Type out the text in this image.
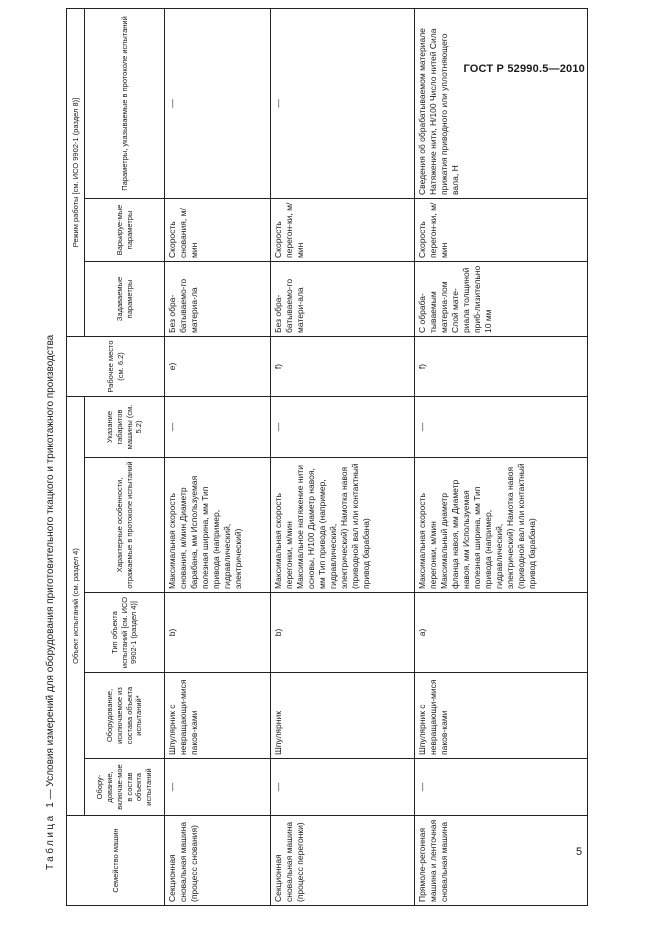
ГОСТ Р 52990.5—2010
Таблица  1 — Условия измерений для оборудования приготовительного ткацкого и трикотажного производства
Семейство машин	Объект испытаний (см. раздел 4)					Рабочее место (см. 6.2)	Режим работы [см. ИСО 9902-1 (раздел 8)]		
	Обору-дование, включае-мое в состав объекта испытаний	Оборудование, исключаемое из состава объекта испытаний*	Тип объекта испытаний [см. ИСО 9902-1 (раздел 4)]	Характерные особенности, отражаемые в протоколе испытаний	Указание габаритов машины (см. 5.2)		Задаваемые параметры	Варьируе-мые параметры	Параметры, указываемые в протоколе испытаний
Секционная сновальная машина (процесс снования)	—	Шпулярник с невращающи-мися паков-ками	b)	Максимальная скорость снования, м/мин Диаметр барабана, мм Используемая полезная ширина, мм Тип привода (например, гидравлический, электрический)	—	e)	Без обра-батываемо-го материа-ла	Скорость снования, м/мин	—
Секционная сновальная машина (процесс перегонки)	—	Шпулярник	b)	Максимальная скорость перегонки, м/мин Максимальное натяжение нити основы, Н/100 Диаметр навоя, мм Тип привода (например, гидравлический, электрический) Намотка навоя (приводной вал или контактный привод барабана)	—	f)	Без обра-батываемо-го матери-ала	Скорость перегон-ки, м/мин	—
Прямоле-регонная машина и ленточная сновальная машина	—	Шпулярник с невращающи-мися паков-ками	a)	Максимальная скорость перегонки, м/мин Максимальный диаметр фланца навоя, мм Диаметр навоя, мм Используемая полезная ширина, мм Тип привода (например, гидравлический, электрический) Намотка навоя (приводной вал или контактный привод барабана)	—	f)	С обраба-тываемым материа-лом Слой мате-риала толщиной приб-лизительно 10 мм	Скорость перегон-ки, м/мин	Сведения об обрабатываемом материале Натяжение нити, Н/100 Число нитей Сила прижатия приводного или уплотняющего вала, Н
5
